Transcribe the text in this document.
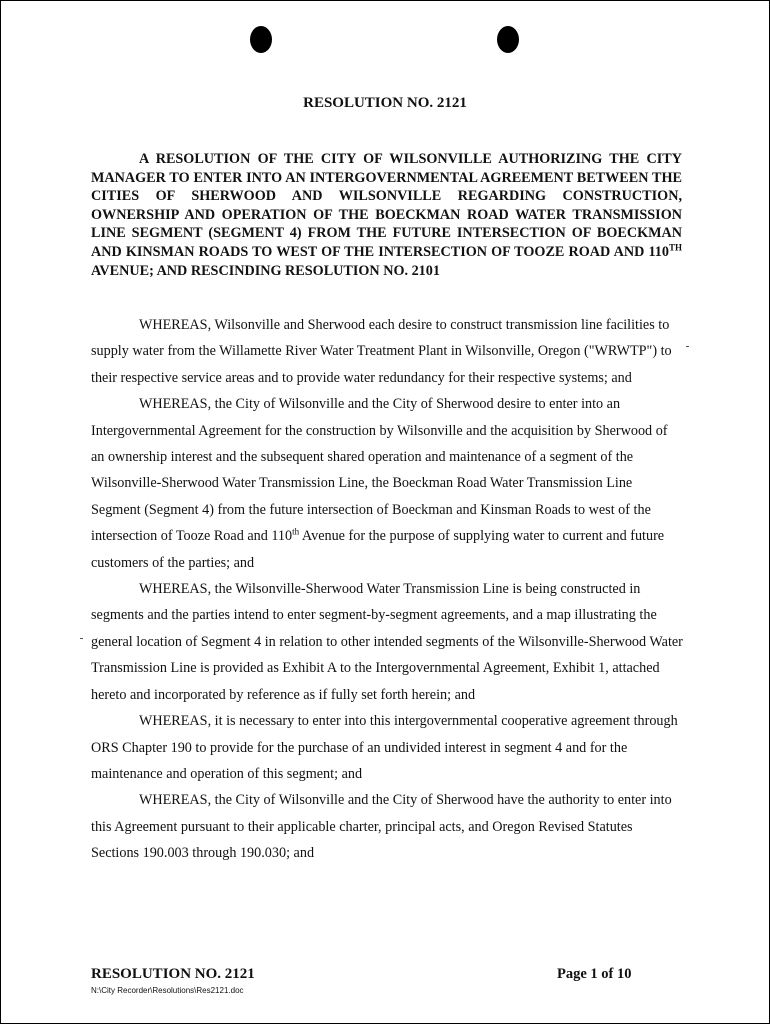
RESOLUTION NO. 2121
A RESOLUTION OF THE CITY OF WILSONVILLE AUTHORIZING THE CITY MANAGER TO ENTER INTO AN INTERGOVERNMENTAL AGREEMENT BETWEEN THE CITIES OF SHERWOOD AND WILSONVILLE REGARDING CONSTRUCTION, OWNERSHIP AND OPERATION OF THE BOECKMAN ROAD WATER TRANSMISSION LINE SEGMENT (SEGMENT 4) FROM THE FUTURE INTERSECTION OF BOECKMAN AND KINSMAN ROADS TO WEST OF THE INTERSECTION OF TOOZE ROAD AND 110TH AVENUE; AND RESCINDING RESOLUTION NO. 2101

WHEREAS, Wilsonville and Sherwood each desire to construct transmission line facilities to supply water from the Willamette River Water Treatment Plant in Wilsonville, Oregon ("WRWTP") to their respective service areas and to provide water redundancy for their respective systems; and

WHEREAS, the City of Wilsonville and the City of Sherwood desire to enter into an Intergovernmental Agreement for the construction by Wilsonville and the acquisition by Sherwood of an ownership interest and the subsequent shared operation and maintenance of a segment of the Wilsonville-Sherwood Water Transmission Line, the Boeckman Road Water Transmission Line Segment (Segment 4) from the future intersection of Boeckman and Kinsman Roads to west of the intersection of Tooze Road and 110th Avenue for the purpose of supplying water to current and future customers of the parties; and

WHEREAS, the Wilsonville-Sherwood Water Transmission Line is being constructed in segments and the parties intend to enter segment-by-segment agreements, and a map illustrating the general location of Segment 4 in relation to other intended segments of the Wilsonville-Sherwood Water Transmission Line is provided as Exhibit A to the Intergovernmental Agreement, Exhibit 1, attached hereto and incorporated by reference as if fully set forth herein; and

WHEREAS, it is necessary to enter into this intergovernmental cooperative agreement through ORS Chapter 190 to provide for the purchase of an undivided interest in segment 4 and for the maintenance and operation of this segment; and

WHEREAS, the City of Wilsonville and the City of Sherwood have the authority to enter into this Agreement pursuant to their applicable charter, principal acts, and Oregon Revised Statutes Sections 190.003 through 190.030; and

RESOLUTION NO. 2121
N:\City Recorder\Resolutions\Res2121.doc
Page 1 of 10
